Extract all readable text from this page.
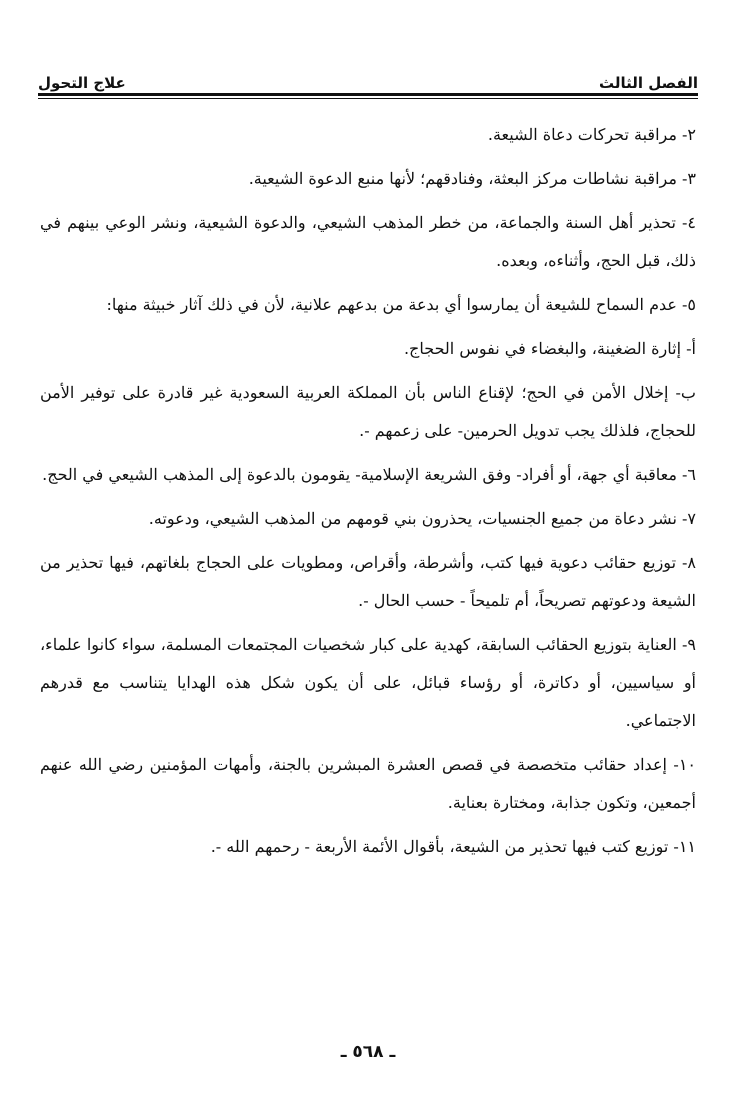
الفصل الثالث
علاج التحول

٢- مراقبة تحركات دعاة الشيعة.

٣- مراقبة نشاطات مركز البعثة، وفنادقهم؛ لأنها منبع الدعوة الشيعية.

٤- تحذير أهل السنة والجماعة، من خطر المذهب الشيعي، والدعوة الشيعية، ونشر الوعي بينهم في ذلك، قبل الحج، وأثناءه، وبعده.

٥- عدم السماح للشيعة أن يمارسوا أي بدعة من بدعهم علانية، لأن في ذلك آثار خبيثة منها:

أ- إثارة الضغينة، والبغضاء في نفوس الحجاج.

ب- إخلال الأمن في الحج؛ لإقناع الناس بأن المملكة العربية السعودية غير قادرة على توفير الأمن للحجاج، فلذلك يجب تدويل الحرمين- على زعمهم -.

٦- معاقبة أي جهة، أو أفراد- وفق الشريعة الإسلامية- يقومون بالدعوة إلى المذهب الشيعي في الحج.

٧- نشر دعاة من جميع الجنسيات، يحذرون بني قومهم من المذهب الشيعي، ودعوته.

٨- توزيع حقائب دعوية فيها كتب، وأشرطة، وأقراص، ومطويات على الحجاج بلغاتهم، فيها تحذير من الشيعة ودعوتهم تصريحاً، أم تلميحاً - حسب الحال -.

٩- العناية بتوزيع الحقائب السابقة، كهدية على كبار شخصيات المجتمعات المسلمة، سواء كانوا علماء، أو سياسيين، أو دكاترة، أو رؤساء قبائل، على أن يكون شكل هذه الهدايا يتناسب مع قدرهم الاجتماعي.

١٠- إعداد حقائب متخصصة في قصص العشرة المبشرين بالجنة، وأمهات المؤمنين رضي الله عنهم أجمعين، وتكون جذابة، ومختارة بعناية.

١١- توزيع كتب فيها تحذير من الشيعة، بأقوال الأئمة الأربعة - رحمهم الله -.

ـ ٥٦٨ ـ
